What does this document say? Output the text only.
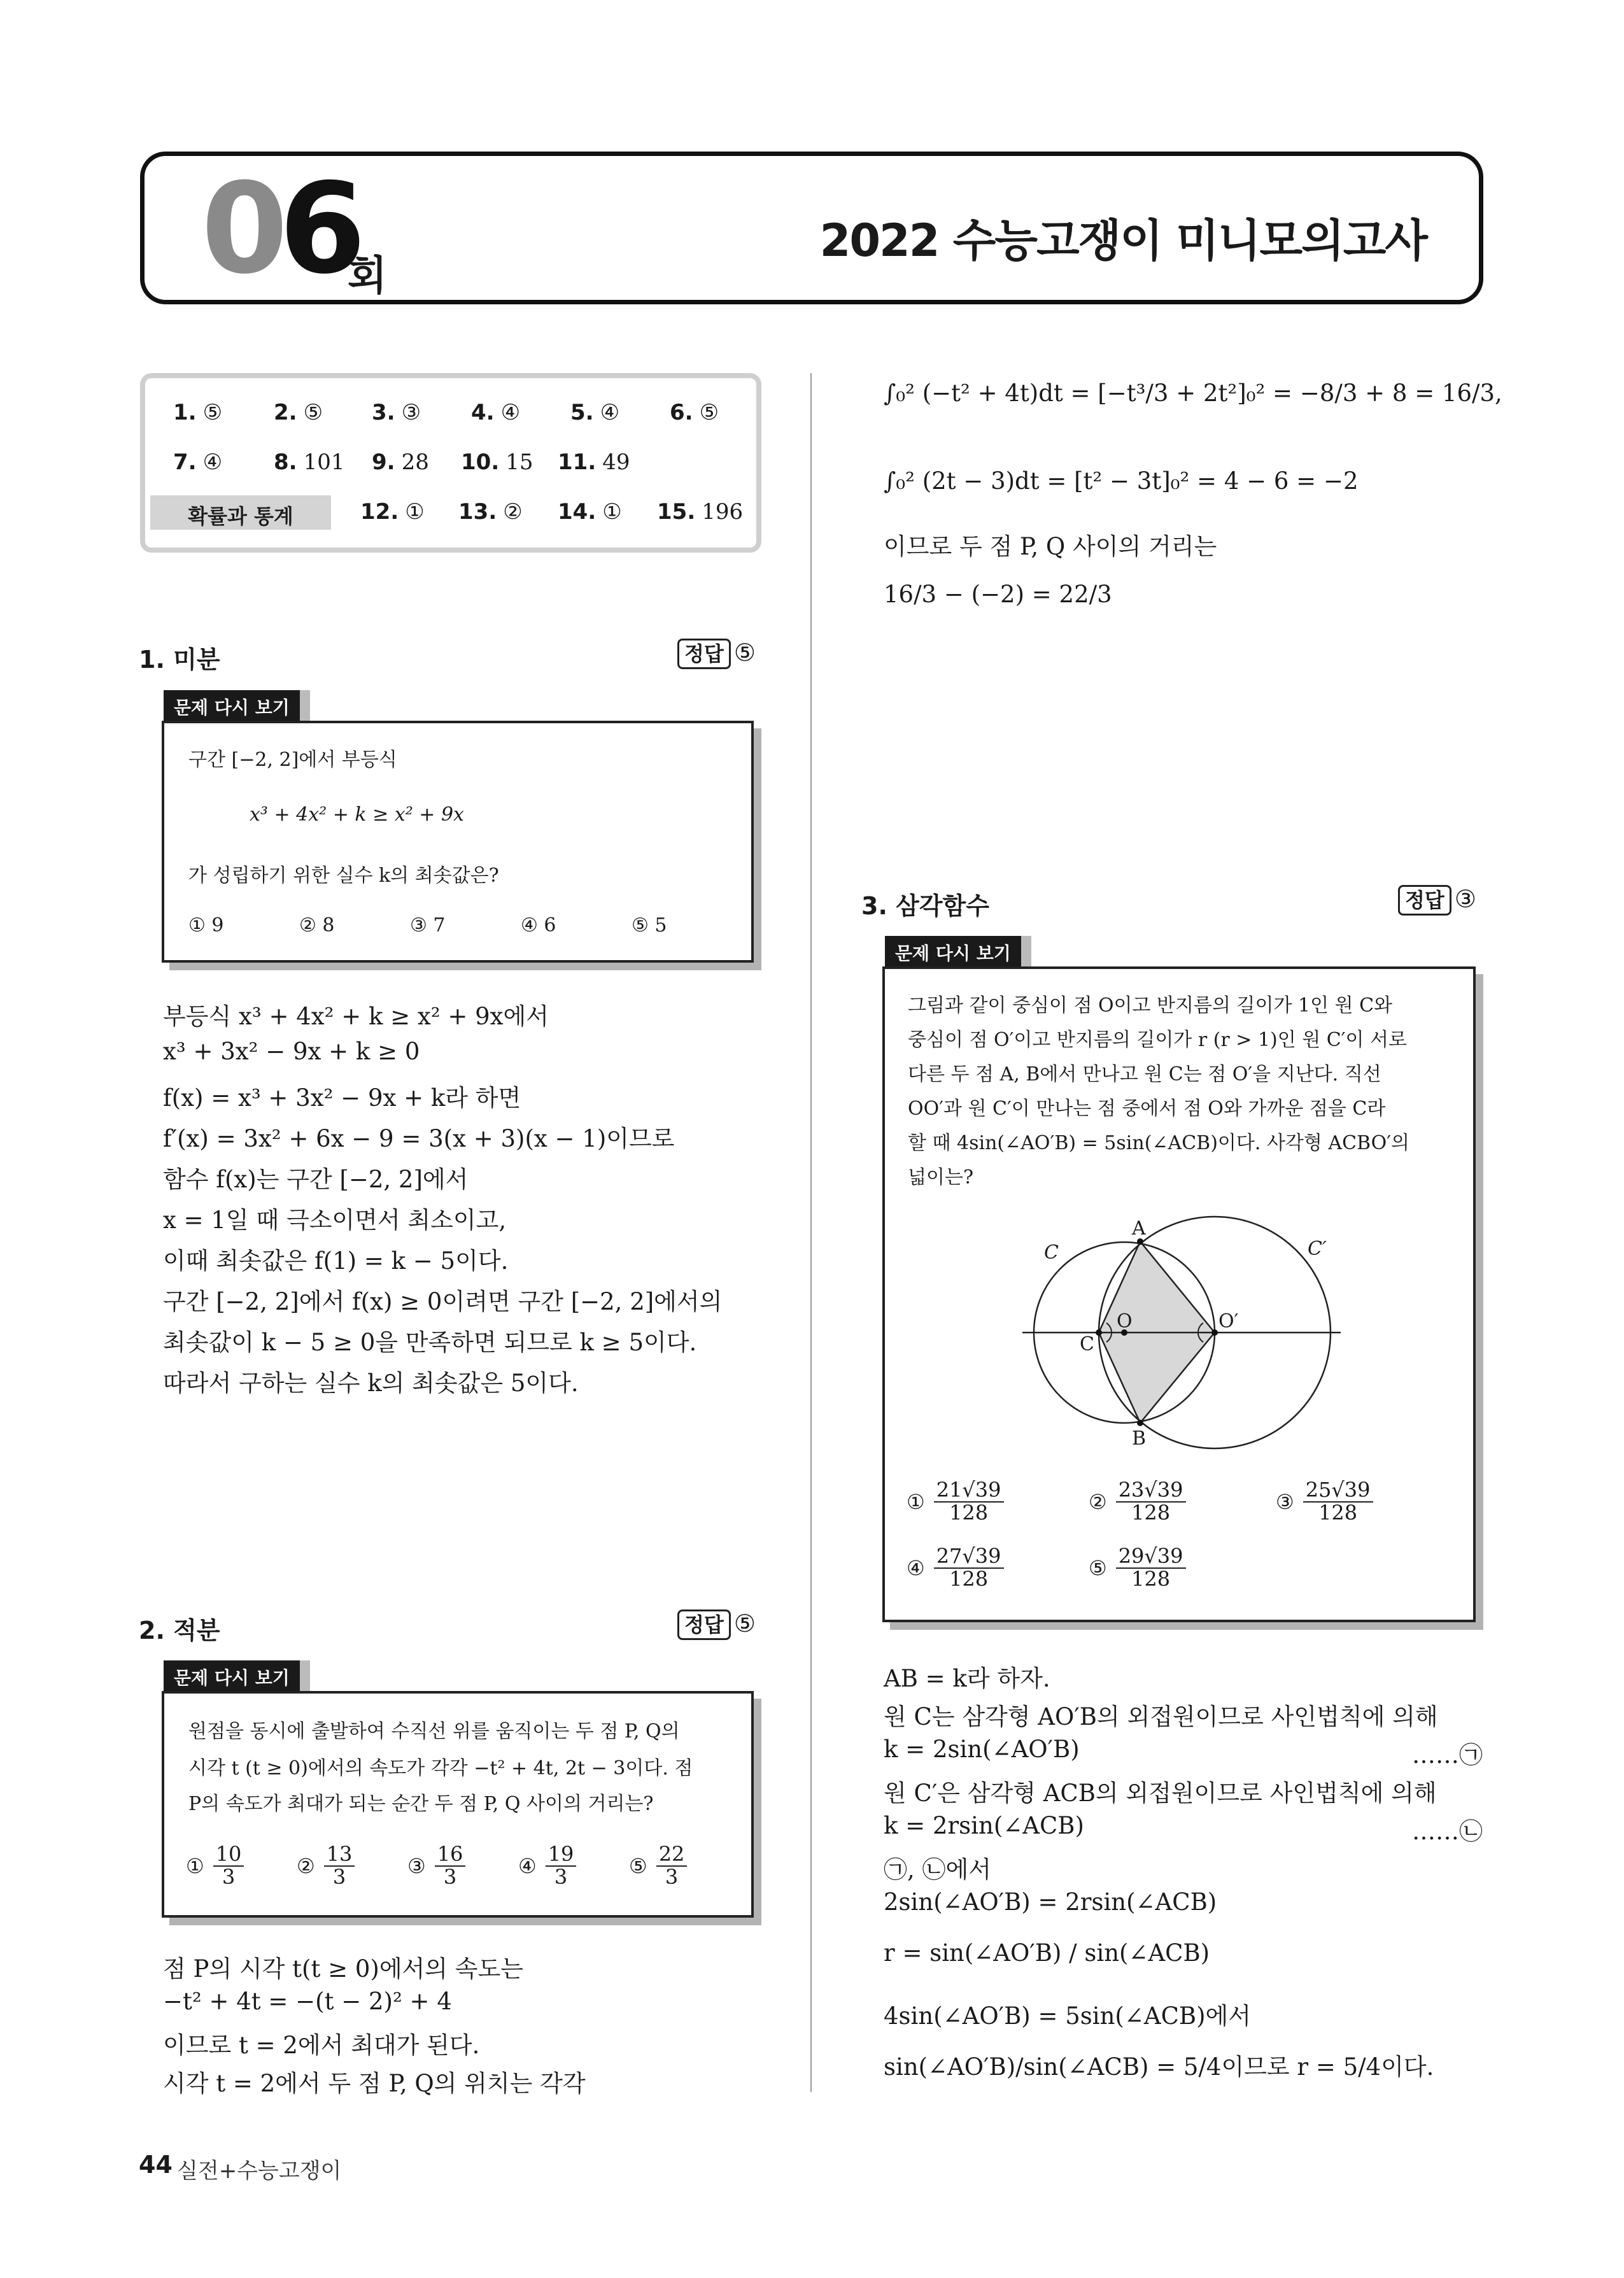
06
회
2022 수능고쟁이 미니모의고사
1. ⑤ 2. ⑤ 3. ③ 4. ④ 5. ④ 6. ⑤
7. ④ 8. 101 9. 28 10. 15 11. 49
12. ① 13. ② 14. ① 15. 196
확률과 통계
1. 미분	정답 ⑤
문제 다시 보기
구간 [−2, 2]에서 부등식
x³ + 4x² + k ≥ x² + 9x
가 성립하기 위한 실수 k의 최솟값은?
① 9	② 8	③ 7	④ 6	⑤ 5
부등식 x³ + 4x² + k ≥ x² + 9x에서
x³ + 3x² − 9x + k ≥ 0
f(x) = x³ + 3x² − 9x + k라 하면
f′(x) = 3x² + 6x − 9 = 3(x + 3)(x − 1)이므로
함수 f(x)는 구간 [−2, 2]에서
x = 1일 때 극소이면서 최소이고,
이때 최솟값은 f(1) = k − 5이다.
구간 [−2, 2]에서 f(x) ≥ 0이려면 구간 [−2, 2]에서의
최솟값이 k − 5 ≥ 0을 만족하면 되므로 k ≥ 5이다.
따라서 구하는 실수 k의 최솟값은 5이다.
2. 적분	정답 ⑤
문제 다시 보기
원점을 동시에 출발하여 수직선 위를 움직이는 두 점 P, Q의
시각 t (t ≥ 0)에서의 속도가 각각 −t² + 4t, 2t − 3이다. 점
P의 속도가 최대가 되는 순간 두 점 P, Q 사이의 거리는?
① $\frac{10}{3}$	② $\frac{13}{3}$	③ $\frac{16}{3}$	④ $\frac{19}{3}$	⑤ $\frac{22}{3}$
점 P의 시각 t(t ≥ 0)에서의 속도는
−t² + 4t = −(t − 2)² + 4
이므로 t = 2에서 최대가 된다.
시각 t = 2에서 두 점 P, Q의 위치는 각각
∫₀² (−t² + 4t)dt = [−t³/3 + 2t²]₀² = −8/3 + 8 = 16/3,
∫₀² (2t − 3)dt = [t² − 3t]₀² = 4 − 6 = −2
이므로 두 점 P, Q 사이의 거리는
16/3 − (−2) = 22/3
3. 삼각함수	정답 ③
문제 다시 보기
그림과 같이 중심이 점 O이고 반지름의 길이가 1인 원 C와
중심이 점 O′이고 반지름의 길이가 r (r > 1)인 원 C′이 서로
다른 두 점 A, B에서 만나고 원 C는 점 O′을 지난다. 직선
OO′과 원 C′이 만나는 점 중에서 점 O와 가까운 점을 C라
할 때 4sin(∠AO′B) = 5sin(∠ACB)이다. 사각형 ACBO′의
넓이는?
A
B
C
O	O′
C	C′
① $\frac{21√39}{128}$	② $\frac{23√39}{128}$	③ $\frac{25√39}{128}$
④ $\frac{27√39}{128}$	⑤ $\frac{29√39}{128}$
AB = k라 하자.
원 C는 삼각형 AO′B의 외접원이므로 사인법칙에 의해
k = 2sin(∠AO′B)
원 C′은 삼각형 ACB의 외접원이므로 사인법칙에 의해
k = 2rsin(∠ACB)
㉠, ㉡에서
2sin(∠AO′B) = 2rsin(∠ACB)
r = sin(∠AO′B) / sin(∠ACB)
4sin(∠AO′B) = 5sin(∠ACB)에서
sin(∠AO′B)/sin(∠ACB) = 5/4이므로 r = 5/4이다.
……㉠
……㉡
44 실전+수능고쟁이
